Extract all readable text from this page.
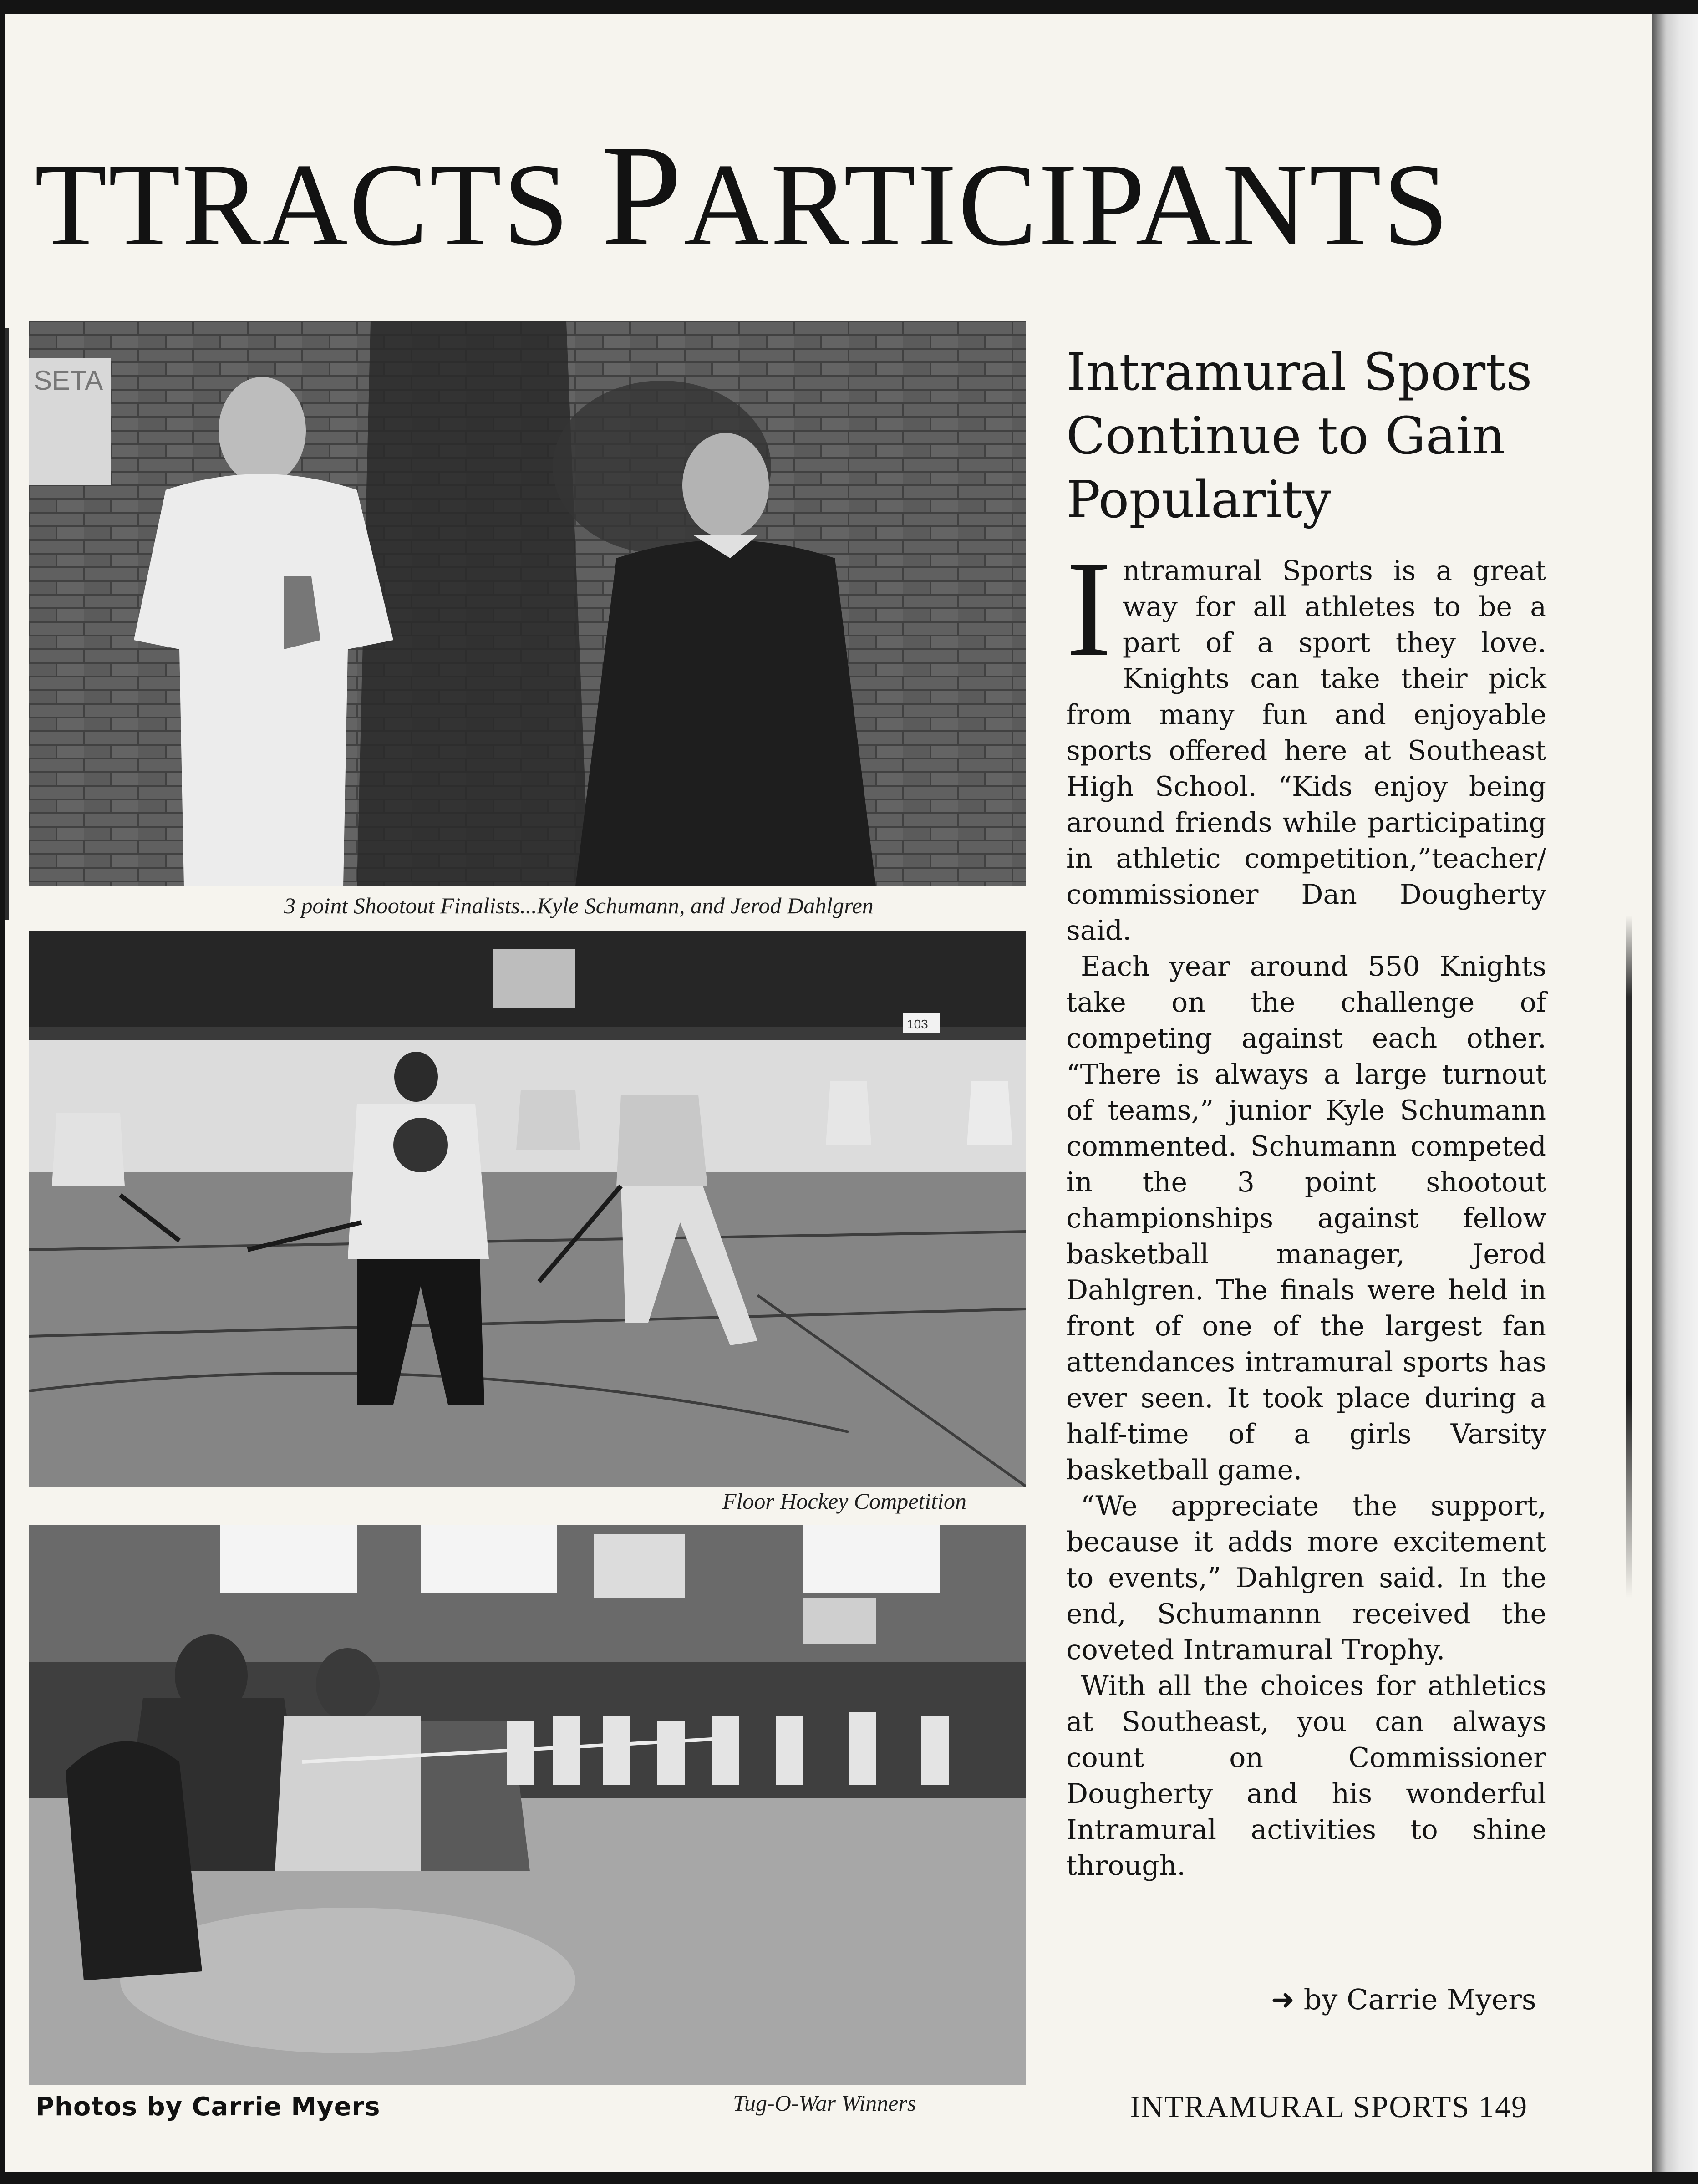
TTRACTS PARTICIPANTS
SETA
3 point Shootout Finalists...Kyle Schumann, and Jerod Dahlgren
103
Floor Hockey Competition
Tug-O-War Winners
Photos by Carrie Myers
Intramural Sports
Continue to Gain
Popularity

Intramural Sports is a great way for all athletes to be a part of a sport they love. Knights can take their pick from many fun and enjoyable sports offered here at Southeast High School. “Kids enjoy being around friends while participating in athletic competition,”teacher/ commissioner Dan Dougherty said.

Each year around 550 Knights take on the challenge of competing against each other. “There is always a large turnout of teams,” junior Kyle Schumann commented. Schumann competed in the 3 point shootout championships against fellow basketball manager, Jerod Dahlgren. The finals were held in front of one of the largest fan attendances intramural sports has ever seen. It took place during a half-time of a girls Varsity basketball game.

“We appreciate the support, because it adds more excitement to events,” Dahlgren said. In the end, Schumannn received the coveted Intramural Trophy.

With all the choices for athletics at Southeast, you can always count on Commissioner Dougherty and his wonderful Intramural activities to shine through.

➜ by Carrie Myers
INTRAMURAL SPORTS 149
